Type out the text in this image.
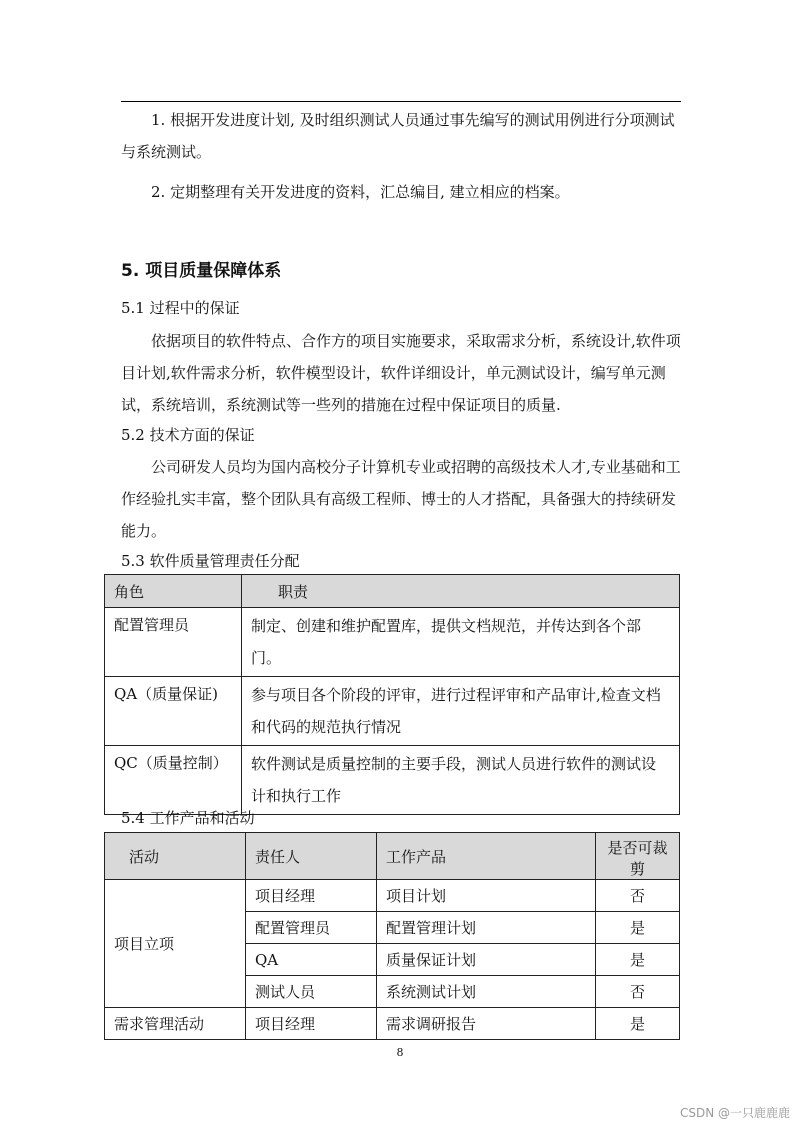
1. 根据开发进度计划, 及时组织测试人员通过事先编写的测试用例进行分项测试与系统测试。
2. 定期整理有关开发进度的资料，汇总编目, 建立相应的档案。
5. 项目质量保障体系
5.1 过程中的保证
依据项目的软件特点、合作方的项目实施要求，采取需求分析，系统设计,软件项目计划,软件需求分析，软件模型设计，软件详细设计，单元测试设计，编写单元测试，系统培训，系统测试等一些列的措施在过程中保证项目的质量.
5.2 技术方面的保证
公司研发人员均为国内高校分子计算机专业或招聘的高级技术人才,专业基础和工作经验扎实丰富，整个团队具有高级工程师、博士的人才搭配，具备强大的持续研发能力。
5.3 软件质量管理责任分配
角色	职责
配置管理员	制定、创建和维护配置库，提供文档规范，并传达到各个部门。
QA（质量保证)	参与项目各个阶段的评审，进行过程评审和产品审计,检查文档和代码的规范执行情况
QC（质量控制）	软件测试是质量控制的主要手段，测试人员进行软件的测试设计和执行工作
5.4 工作产品和活动
活动	责任人	工作产品	是否可裁剪
项目立项	项目经理	项目计划	否
	配置管理员	配置管理计划	是
	QA	质量保证计划	是
	测试人员	系统测试计划	否
需求管理活动	项目经理	需求调研报告	是
8
CSDN @一只鹿鹿鹿
